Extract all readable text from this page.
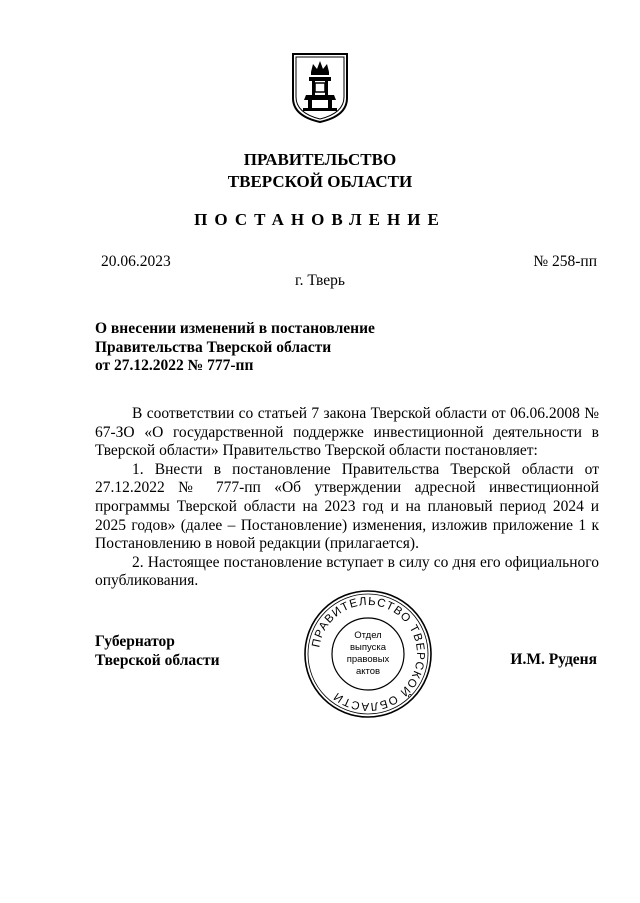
ПРАВИТЕЛЬСТВО
ТВЕРСКОЙ ОБЛАСТИ
ПОСТАНОВЛЕНИЕ
20.06.2023	№ 258-пп
г. Тверь
О внесении изменений в постановление
Правительства Тверской области
от 27.12.2022 № 777-пп

В соответствии со статьей 7 закона Тверской области от 06.06.2008 № 67-ЗО «О государственной поддержке инвестиционной деятельности в Тверской области» Правительство Тверской области постановляет:

1. Внести в постановление Правительства Тверской области от 27.12.2022 № 777-пп «Об утверждении адресной инвестиционной программы Тверской области на 2023 год и на плановый период 2024 и 2025 годов» (далее – Постановление) изменения, изложив приложение 1 к Постановлению в новой редакции (прилагается).

2. Настоящее постановление вступает в силу со дня его официального опубликования.

Губернатор
Тверской области	И.М. Руденя
ПРАВИТЕЛЬСТВО ТВЕРСКОЙ ОБЛАСТИ
Отдел
выпуска
правовых
актов
